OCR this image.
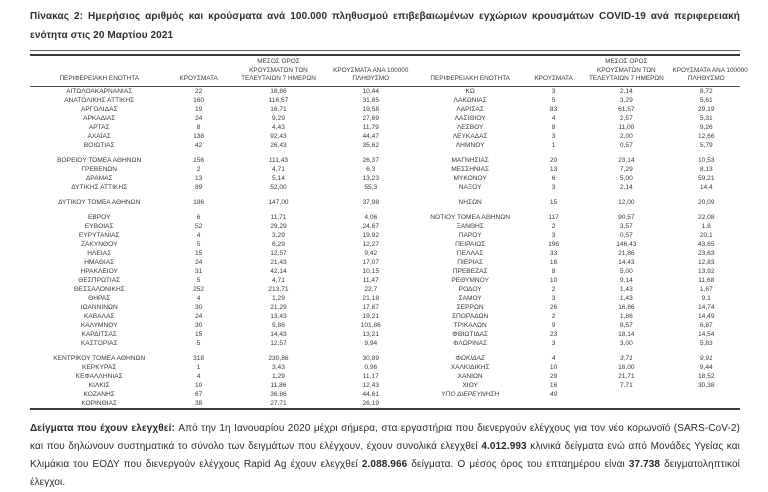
Πίνακας 2: Ημερήσιος αριθμός και κρούσματα ανά 100.000 πληθυσμού επιβεβαιωμένων εγχώριων κρουσμάτων COVID-19 ανά περιφερειακή ενότητα στις 20 Μαρτίου 2021

ΠΕΡΙΦΕΡΕΙΑΚΗ ΕΝΟΤΗΤΑ	ΚΡΟΥΣΜΑΤΑ

ΜΕΣΟΣ ΟΡΟΣ
ΚΡΟΥΣΜΑΤΩΝ ΤΩΝ
ΤΕΛΕΥΤΑΙΩΝ 7 ΗΜΕΡΩΝ

ΚΡΟΥΣΜΑΤΑ ΑΝΑ 100000
ΠΛΗΘΥΣΜΟ	ΠΕΡΙΦΕΡΕΙΑΚΗ ΕΝΟΤΗΤΑ	ΚΡΟΥΣΜΑΤΑ

ΜΕΣΟΣ ΟΡΟΣ
ΚΡΟΥΣΜΑΤΩΝ ΤΩΝ
ΤΕΛΕΥΤΑΙΩΝ 7 ΗΜΕΡΩΝ

ΚΡΟΥΣΜΑΤΑ ΑΝΑ 100000
ΠΛΗΘΥΣΜΟ

ΑΙΤΩΛΟΑΚΑΡΝΑΝΙΑΣ	22	18,86	10,44	ΚΩ	3	2,14	8,72
ΑΝΑΤΟΛΙΚΗΣ ΑΤΤΙΚΗΣ	160	116,57	31,85	ΛΑΚΩΝΙΑΣ	5	3,29	5,61
ΑΡΓΟΛΙΔΑΣ	19	16,71	19,58	ΛΑΡΙΣΑΣ	83	61,57	29,19
ΑΡΚΑΔΙΑΣ	24	9,29	27,69	ΛΑΣΙΘΙΟΥ	4	2,57	5,31
ΑΡΤΑΣ	8	4,43	11,79	ΛΕΣΒΟΥ	8	11,00	9,26
ΑΧΑΪΑΣ	138	92,43	44,47	ΛΕΥΚΑΔΑΣ	3	2,00	12,66
ΒΟΙΩΤΙΑΣ	42	26,43	35,62	ΛΗΜΝΟΥ	1	0,57	5,79

ΒΟΡΕΙΟΥ ΤΟΜΕΑ ΑΘΗΝΩΝ	156	111,43	26,37	ΜΑΓΝΗΣΙΑΣ	20	23,14	10,53
ΓΡΕΒΕΝΩΝ	2	4,71	6,3	ΜΕΣΣΗΝΙΑΣ	13	7,29	8,13
ΔΡΑΜΑΣ	13	5,14	13,23	ΜΥΚΟΝΟΥ	6	5,00	59,21
ΔΥΤΙΚΗΣ ΑΤΤΙΚΗΣ	89	52,00	55,3	ΝΑΞΟΥ	3	2,14	14,4

ΔΥΤΙΚΟΥ ΤΟΜΕΑ ΑΘΗΝΩΝ	186	147,00	37,98	ΝΗΣΩΝ	15	12,00	20,09

ΕΒΡΟΥ	6	11,71	4,06	ΝΟΤΙΟΥ ΤΟΜΕΑ ΑΘΗΝΩΝ	117	90,57	22,08
ΕΥΒΟΙΑΣ	52	29,29	24,67	ΞΑΝΘΗΣ	2	3,57	1,8
ΕΥΡΥΤΑΝΙΑΣ	4	3,29	19,92	ΠΑΡΟΥ	3	0,57	20,1
ΖΑΚΥΝΘΟΥ	5	6,29	12,27	ΠΕΙΡΑΙΩΣ	196	146,43	43,65
ΗΛΕΙΑΣ	15	12,57	9,42	ΠΕΛΛΑΣ	33	21,86	23,63
ΗΜΑΘΙΑΣ	24	21,43	17,07	ΠΙΕΡΙΑΣ	16	14,43	12,83
ΗΡΑΚΛΕΙΟΥ	31	42,14	10,15	ΠΡΕΒΕΖΑΣ	8	5,00	13,92
ΘΕΣΠΡΩΤΙΑΣ	5	4,71	11,47	ΡΕΘΥΜΝΟΥ	10	9,14	11,68
ΘΕΣΣΑΛΟΝΙΚΗΣ	252	213,71	22,7	ΡΟΔΟΥ	2	1,43	1,67
ΘΗΡΑΣ	4	1,29	21,18	ΣΑΜΟΥ	3	1,43	9,1
ΙΩΑΝΝΙΝΩΝ	30	21,29	17,87	ΣΕΡΡΩΝ	26	16,86	14,74
ΚΑΒΑΛΑΣ	24	13,43	19,21	ΣΠΟΡΑΔΩΝ	2	1,86	14,49
ΚΑΛΥΜΝΟΥ	30	9,86	101,86	ΤΡΙΚΑΛΩΝ	9	8,57	6,87
ΚΑΡΔΙΤΣΑΣ	15	14,43	13,21	ΦΘΙΩΤΙΔΑΣ	23	18,14	14,54
ΚΑΣΤΟΡΙΑΣ	5	12,57	9,94	ΦΛΩΡΙΝΑΣ	3	3,00	5,83

ΚΕΝΤΡΙΚΟΥ ΤΟΜΕΑ ΑΘΗΝΩΝ	318	230,86	30,89	ΦΩΚΙΔΑΣ	4	3,71	9,91
ΚΕΡΚΥΡΑΣ	1	3,43	0,96	ΧΑΛΚΙΔΙΚΗΣ	10	16,00	9,44
ΚΕΦΑΛΛΗΝΙΑΣ	4	1,29	11,17	ΧΑΝΙΩΝ	29	21,71	18,52
ΚΙΛΚΙΣ	10	11,86	12,43	ΧΙΟΥ	16	7,71	30,38
ΚΟΖΑΝΗΣ	67	36,86	44,61	ΥΠΟ ΔΙΕΡΕΥΝΗΣΗ	49		
ΚΟΡΙΝΘΙΑΣ	38	27,71	26,19				

Δείγματα που έχουν ελεγχθεί: Από την 1η Ιανουαρίου 2020 μέχρι σήμερα, στα εργαστήρια που διενεργούν ελέγχους για τον νέο κορωνοϊό (SARS-CoV-2) και που δηλώνουν συστηματικά το σύνολο των δειγμάτων που ελέγχουν, έχουν συνολικά ελεγχθεί 4.012.993 κλινικά δείγματα ενώ από Μονάδες Υγείας και Κλιμάκια του ΕΟΔΥ που διενεργούν ελέγχους Rapid Ag έχουν ελεγχθεί 2.088.966 δείγματα. Ο μέσος όρος του επταημέρου είναι 37.738 δειγματοληπτικοί έλεγχοι.
